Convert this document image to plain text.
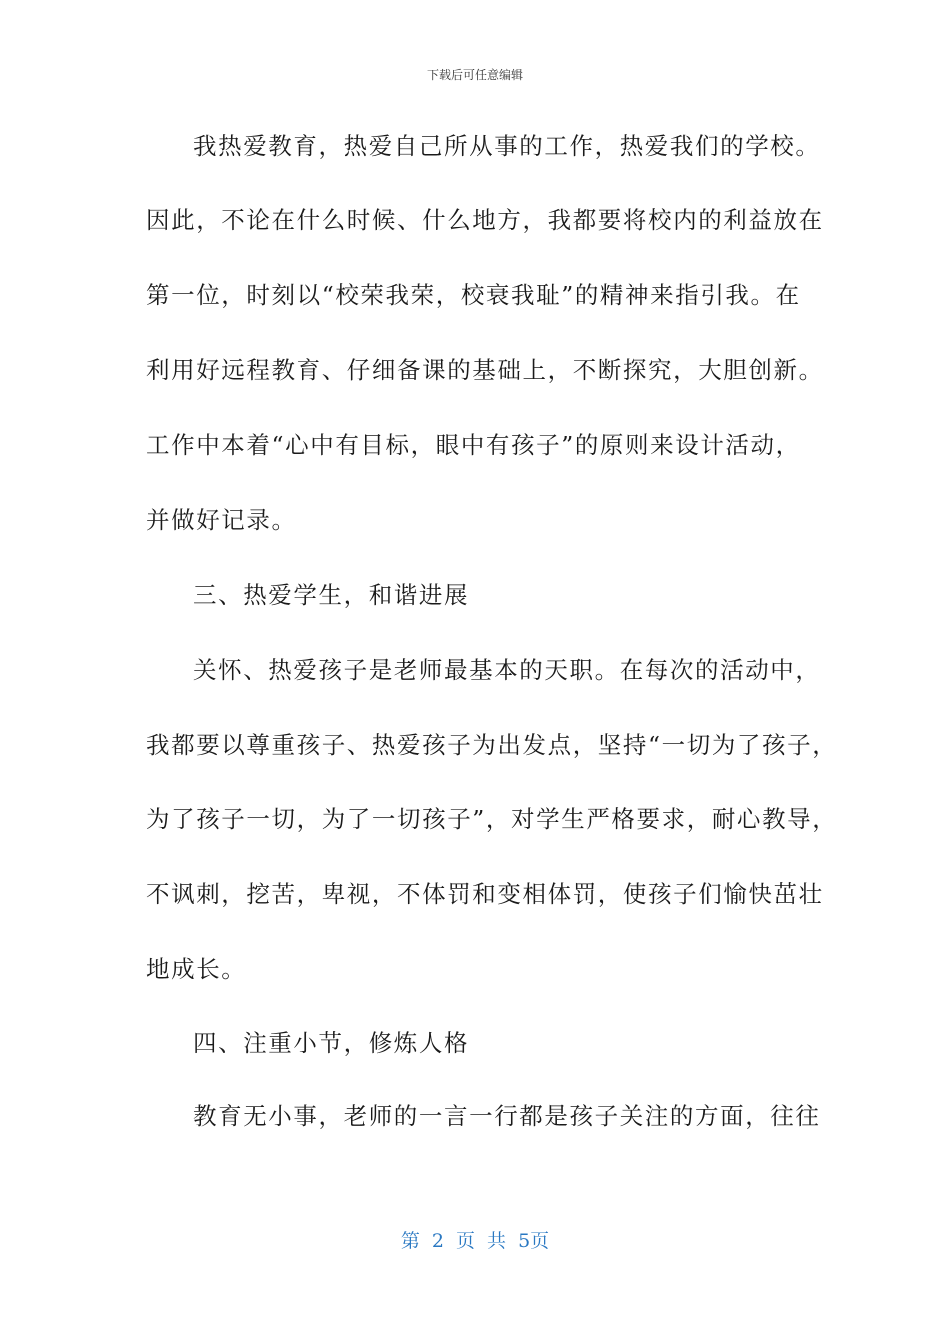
下载后可任意编辑
我热爱教育，热爱自己所从事的工作，热爱我们的学校。
因此，不论在什么时候、什么地方，我都要将校内的利益放在
第一位，时刻以“校荣我荣，校衰我耻”的精神来指引我。在
利用好远程教育、仔细备课的基础上，不断探究，大胆创新。
工作中本着“心中有目标，眼中有孩子”的原则来设计活动，
并做好记录。
三、热爱学生，和谐进展
关怀、热爱孩子是老师最基本的天职。在每次的活动中，
我都要以尊重孩子、热爱孩子为出发点，坚持“一切为了孩子，
为了孩子一切，为了一切孩子”，对学生严格要求，耐心教导，
不讽刺，挖苦，卑视，不体罚和变相体罚，使孩子们愉快茁壮
地成长。
四、注重小节，修炼人格
教育无小事，老师的一言一行都是孩子关注的方面，往往
第 2 页 共 5页
